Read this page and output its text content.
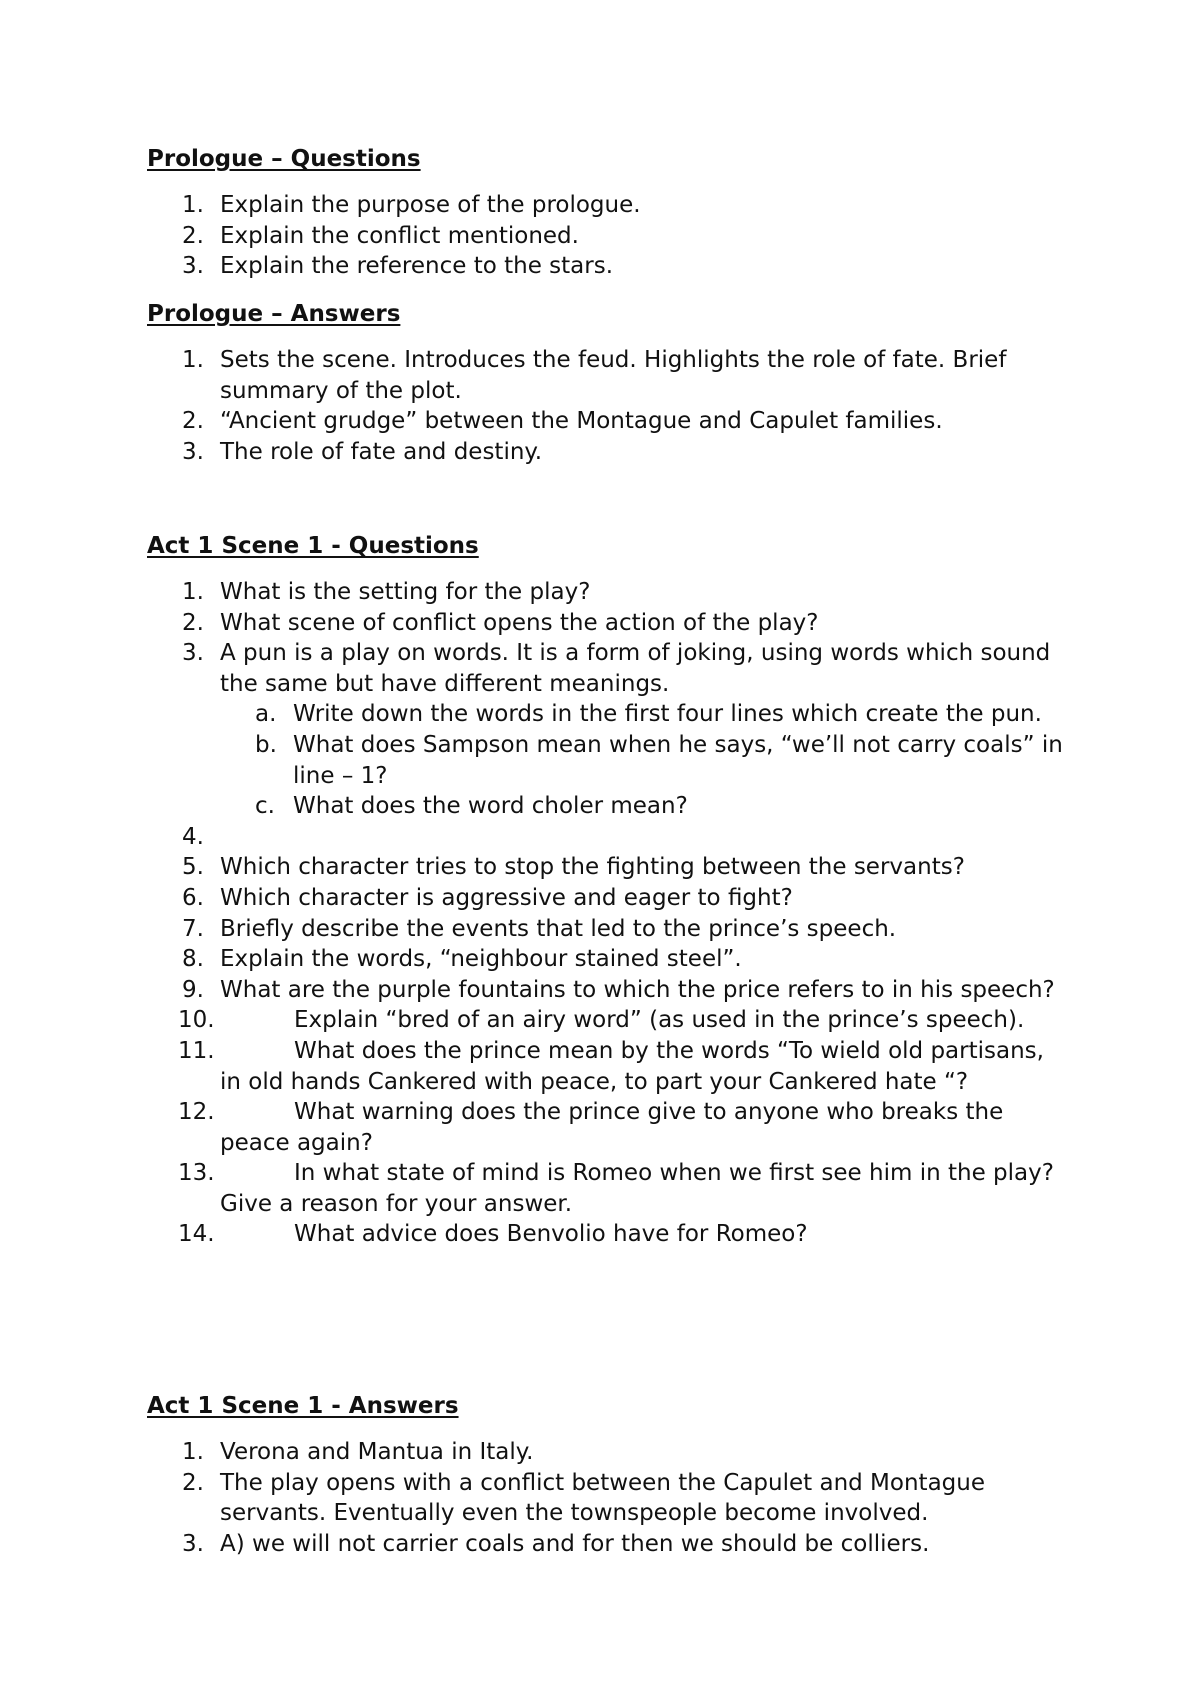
Prologue – Questions

1. Explain the purpose of the prologue.
2. Explain the conflict mentioned.
3. Explain the reference to the stars.

Prologue – Answers

1. Sets the scene. Introduces the feud. Highlights the role of fate. Brief summary of the plot.
2. “Ancient grudge” between the Montague and Capulet families.
3. The role of fate and destiny.

Act 1 Scene 1 - Questions

1. What is the setting for the play?
2. What scene of conflict opens the action of the play?
3. A pun is a play on words. It is a form of joking, using words which sound the same but have different meanings.
a. Write down the words in the first four lines which create the pun.
b. What does Sampson mean when he says, “we’ll not carry coals” in line – 1?
c. What does the word choler mean?
4.

5. Which character tries to stop the fighting between the servants?
6. Which character is aggressive and eager to fight?
7. Briefly describe the events that led to the prince’s speech.
8. Explain the words, “neighbour stained steel”.
9. What are the purple fountains to which the price refers to in his speech?
10.	Explain “bred of an airy word” (as used in the prince’s speech).
11.	What does the prince mean by the words “To wield old partisans, in old hands Cankered with peace, to part your Cankered hate “?
12.	What warning does the prince give to anyone who breaks the peace again?
13.	In what state of mind is Romeo when we first see him in the play? Give a reason for your answer.
14.	What advice does Benvolio have for Romeo?

Act 1 Scene 1 - Answers

1. Verona and Mantua in Italy.
2. The play opens with a conflict between the Capulet and Montague servants. Eventually even the townspeople become involved.
3. A) we will not carrier coals and for then we should be colliers.
